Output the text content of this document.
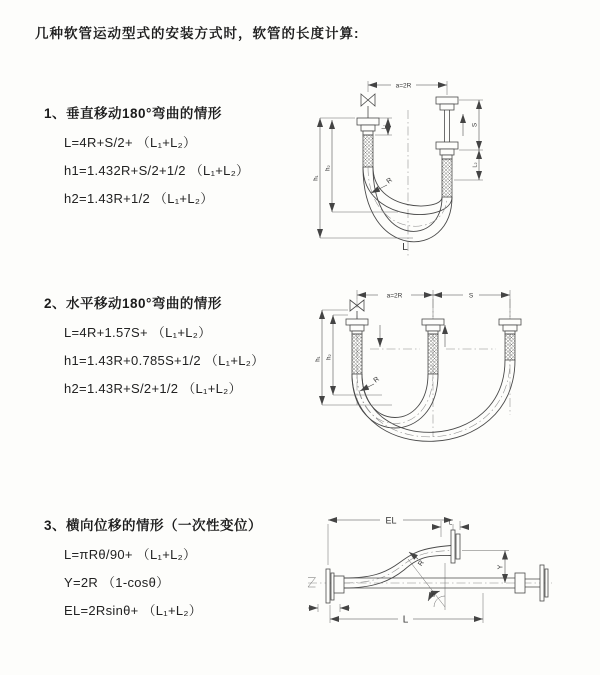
几种软管运动型式的安装方式时，软管的长度计算:
1、垂直移动180°弯曲的情形
L=4R+S/2+ （L₁+L₂）
h1=1.432R+S/2+1/2 （L₁+L₂）
h2=1.43R+1/2 （L₁+L₂）
2、水平移动180°弯曲的情形
L=4R+1.57S+ （L₁+L₂）
h1=1.43R+0.785S+1/2 （L₁+L₂）
h2=1.43R+S/2+1/2 （L₁+L₂）
3、横向位移的情形（一次性变位）
L=πRθ/90+ （L₁+L₂）
Y=2R （1-cosθ）
EL=2Rsinθ+ （L₁+L₂）
a=2R
h₁
h₂
L₁	S
L₂
R
L
a=2R	S
h₁ h₂
R
EL	L
Y
θ
R
L
